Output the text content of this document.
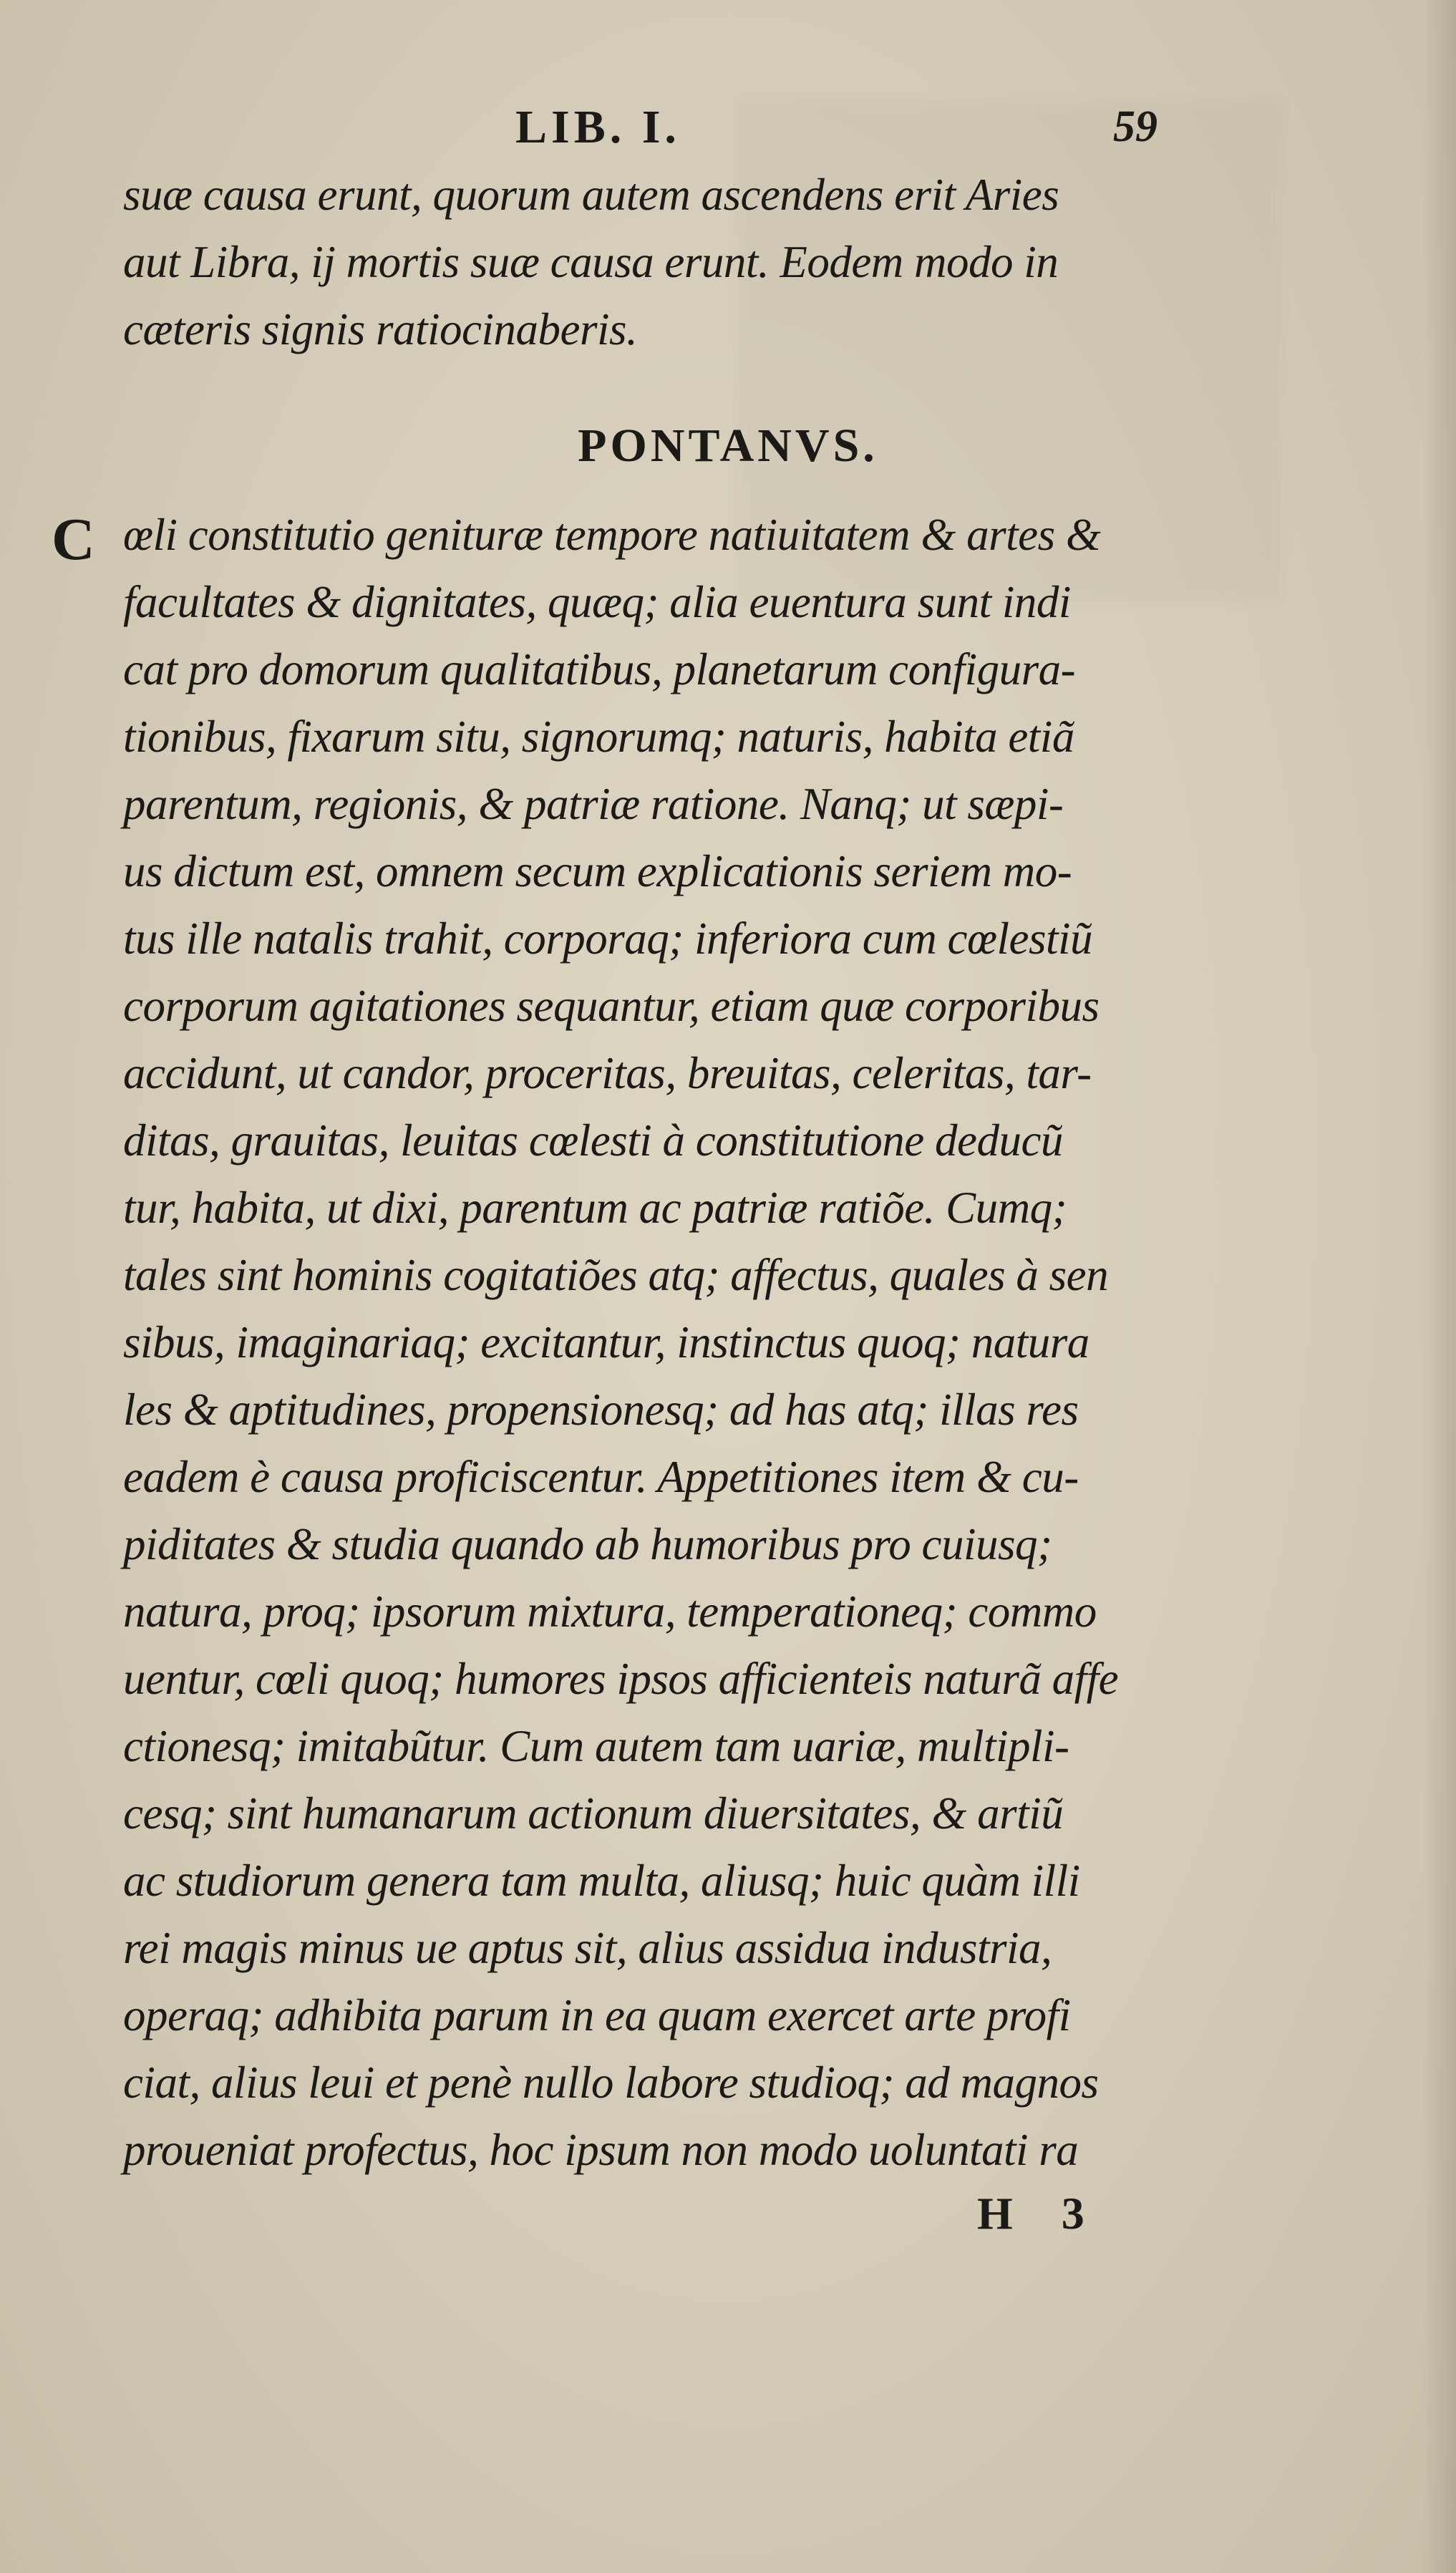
LIB. I.	59
suæ causa erunt, quorum autem ascendens erit Aries
aut Libra, ij mortis suæ causa erunt. Eodem modo in
cæteris signis ratiocinaberis.
PONTANVS.
C œli constitutio genituræ tempore natiuitatem & artes &
facultates & dignitates, quæq; alia euentura sunt indi
cat pro domorum qualitatibus, planetarum configura-
tionibus, fixarum situ, signorumq; naturis, habita etiã
parentum, regionis, & patriæ ratione. Nanq; ut sæpi-
us dictum est, omnem secum explicationis seriem mo-
tus ille natalis trahit, corporaq; inferiora cum cœlestiũ
corporum agitationes sequantur, etiam quæ corporibus
accidunt, ut candor, proceritas, breuitas, celeritas, tar-
ditas, grauitas, leuitas cœlesti à constitutione deducũ
tur, habita, ut dixi, parentum ac patriæ ratiõe. Cumq;
tales sint hominis cogitatiões atq; affectus, quales à sen
sibus, imaginariaq; excitantur, instinctus quoq; natura
les & aptitudines, propensionesq; ad has atq; illas res
eadem è causa proficiscentur. Appetitiones item & cu-
piditates & studia quando ab humoribus pro cuiusq;
natura, proq; ipsorum mixtura, temperationeq; commo
uentur, cœli quoq; humores ipsos afficienteis naturã affe
ctionesq; imitabũtur. Cum autem tam uariæ, multipli-
cesq; sint humanarum actionum diuersitates, & artiũ
ac studiorum genera tam multa, aliusq; huic quàm illi
rei magis minus ue aptus sit, alius assidua industria,
operaq; adhibita parum in ea quam exercet arte profi
ciat, alius leui et penè nullo labore studioq; ad magnos
proueniat profectus, hoc ipsum non modo uoluntati ra
H 3
